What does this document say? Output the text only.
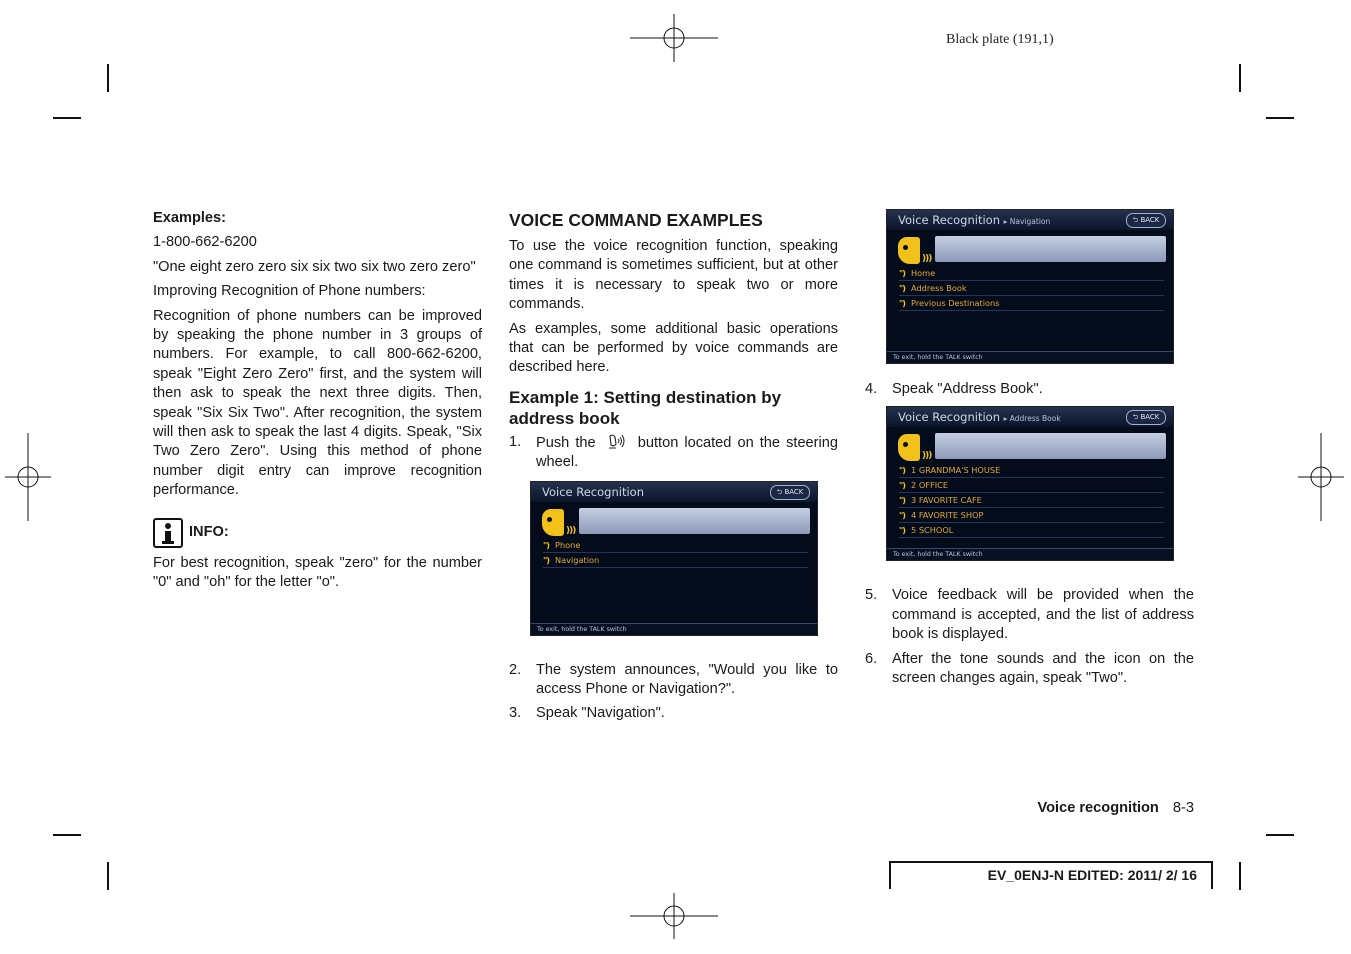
Black plate (191,1)

Examples:

1-800-662-6200

"One eight zero zero six six two six two zero zero"

Improving Recognition of Phone numbers:

Recognition of phone numbers can be improved by speaking the phone number in 3 groups of numbers. For example, to call 800-662-6200, speak "Eight Zero Zero" first, and the system will then ask to speak the next three digits. Then, speak "Six Six Two". After recognition, the system will then ask to speak the last 4 digits. Speak, "Six Two Zero Zero". Using this method of phone number digit entry can improve recognition performance.

INFO:

For best recognition, speak "zero" for the number "0" and "oh" for the letter "o".

VOICE COMMAND EXAMPLES

To use the voice recognition function, speaking one command is sometimes sufficient, but at other times it is necessary to speak two or more commands.

As examples, some additional basic operations that can be performed by voice commands are described here.

Example 1: Setting destination by address book
1. Push the	button located on the steering wheel.
Voice Recognition	⮌ BACK
)))
") Phone
") Navigation
To exit, hold the TALK switch
2. The system announces, "Would you like to access Phone or Navigation?".
3. Speak "Navigation".
Voice Recognition ▸ Navigation	⮌ BACK
)))
") Home
") Address Book
") Previous Destinations
To exit, hold the TALK switch
4. Speak "Address Book".
Voice Recognition ▸ Address Book	⮌ BACK
)))
") 1 GRANDMA'S HOUSE
") 2 OFFICE
") 3 FAVORITE CAFE
") 4 FAVORITE SHOP
") 5 SCHOOL
To exit, hold the TALK switch
5. Voice feedback will be provided when the command is accepted, and the list of address book is displayed.
6. After the tone sounds and the icon on the screen changes again, speak "Two".
Voice recognition 8-3
EV_0ENJ-N EDITED: 2011/ 2/ 16
